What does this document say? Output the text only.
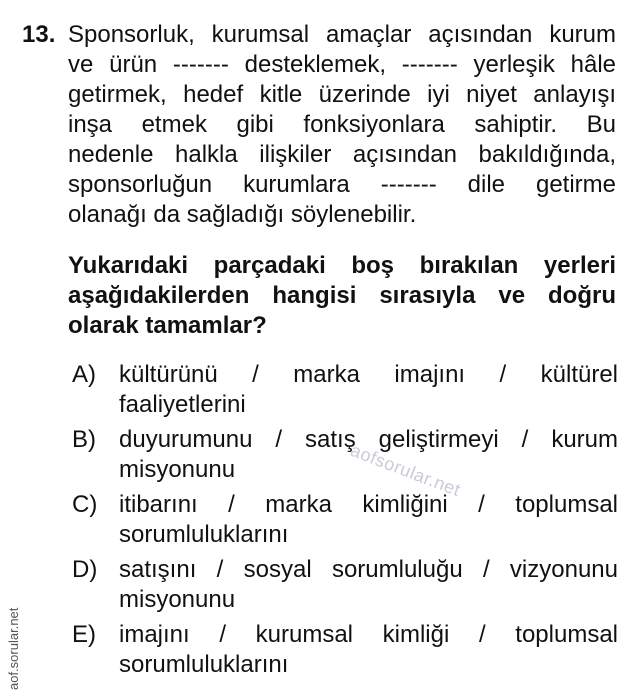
13. Sponsorluk, kurumsal amaçlar açısından kurum
ve ürün ------- desteklemek, ------- yerleşik hâle
getirmek, hedef kitle üzerinde iyi niyet anlayışı
inşa etmek gibi fonksiyonlara sahiptir. Bu
nedenle halkla ilişkiler açısından bakıldığında,
sponsorluğun kurumlara ------- dile getirme
olanağı da sağladığı söylenebilir.
Yukarıdaki parçadaki boş bırakılan yerleri
aşağıdakilerden hangisi sırasıyla ve doğru
olarak tamamlar?
A) kültürünü / marka imajını / kültürel
faaliyetlerini
B) duyurumunu / satış geliştirmeyi / kurum
misyonunu
C) itibarını / marka kimliğini / toplumsal
sorumluluklarını
D) satışını / sosyal sorumluluğu / vizyonunu
misyonunu
E) imajını / kurumsal kimliği / toplumsal
sorumluluklarını
aofsorular.net
aof.sorular.net
